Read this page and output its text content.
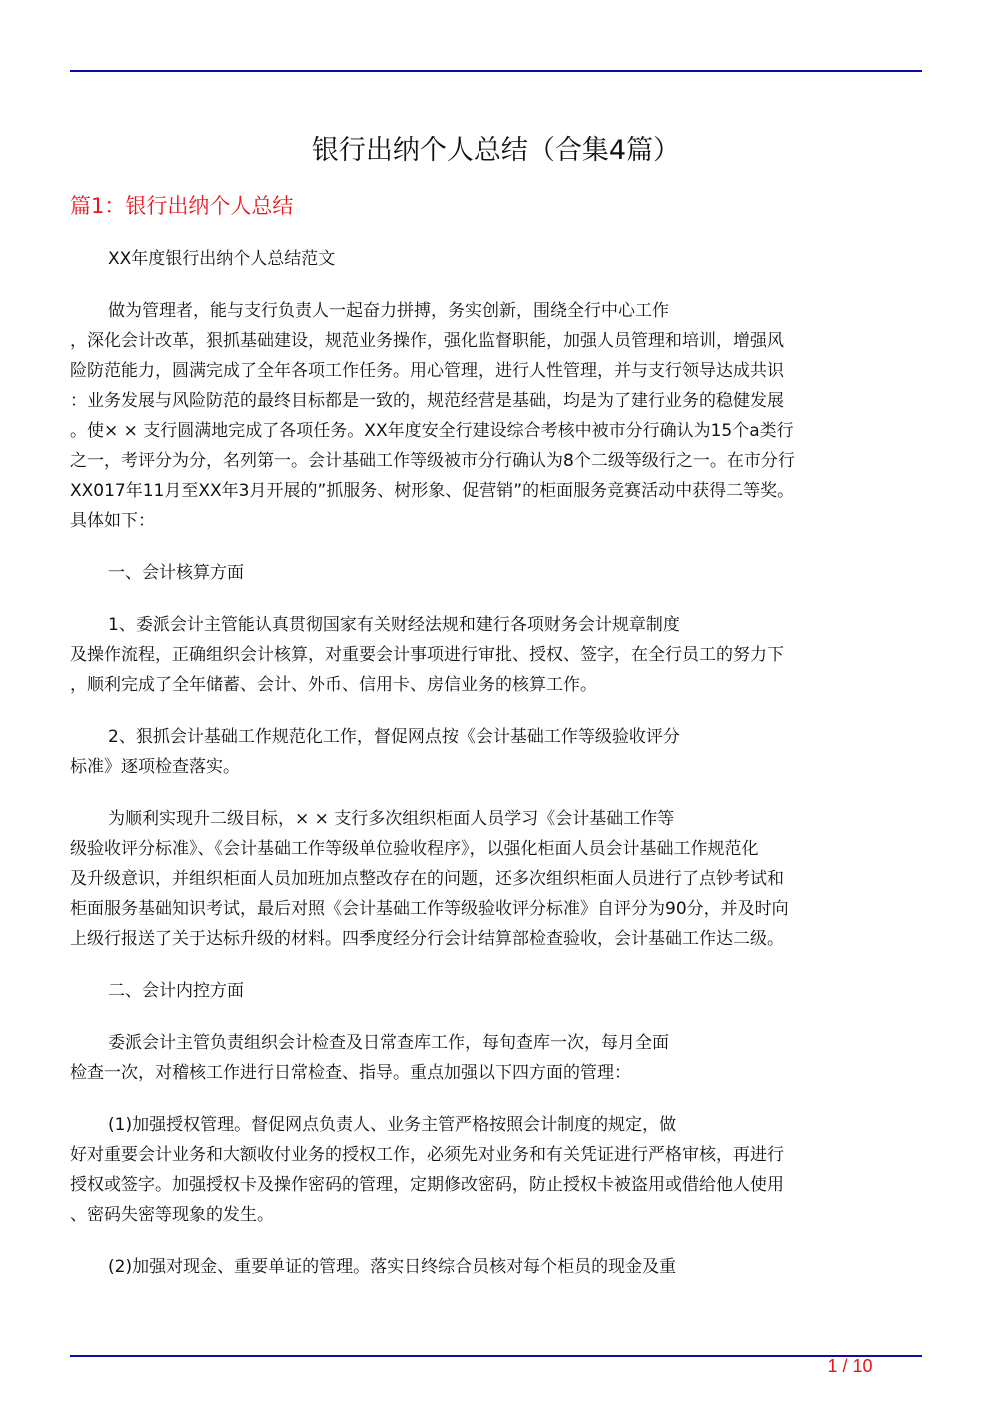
银行出纳个人总结（合集4篇）
篇1：银行出纳个人总结

XX年度银行出纳个人总结范文

做为管理者，能与支行负责人一起奋力拼搏，务实创新，围绕全行中心工作
，深化会计改革，狠抓基础建设，规范业务操作，强化监督职能，加强人员管理和培训，增强风
险防范能力，圆满完成了全年各项工作任务。用心管理，进行人性管理，并与支行领导达成共识
：业务发展与风险防范的最终目标都是一致的，规范经营是基础，均是为了建行业务的稳健发展
。使× × 支行圆满地完成了各项任务。XX年度安全行建设综合考核中被市分行确认为15个a类行
之一，考评分为分，名列第一。会计基础工作等级被市分行确认为8个二级等级行之一。在市分行
XX017年11月至XX年3月开展的”抓服务、树形象、促营销”的柜面服务竞赛活动中获得二等奖。
具体如下：

一、会计核算方面

1、委派会计主管能认真贯彻国家有关财经法规和建行各项财务会计规章制度
及操作流程，正确组织会计核算，对重要会计事项进行审批、授权、签字，在全行员工的努力下
，顺利完成了全年储蓄、会计、外币、信用卡、房信业务的核算工作。

2、狠抓会计基础工作规范化工作，督促网点按《会计基础工作等级验收评分
标准》逐项检查落实。

为顺利实现升二级目标，× × 支行多次组织柜面人员学习《会计基础工作等
级验收评分标准》、《会计基础工作等级单位验收程序》，以强化柜面人员会计基础工作规范化
及升级意识，并组织柜面人员加班加点整改存在的问题，还多次组织柜面人员进行了点钞考试和
柜面服务基础知识考试，最后对照《会计基础工作等级验收评分标准》自评分为90分，并及时向
上级行报送了关于达标升级的材料。四季度经分行会计结算部检查验收，会计基础工作达二级。

二、会计内控方面

委派会计主管负责组织会计检查及日常查库工作，每旬查库一次，每月全面
检查一次，对稽核工作进行日常检查、指导。重点加强以下四方面的管理：

(1)加强授权管理。督促网点负责人、业务主管严格按照会计制度的规定，做
好对重要会计业务和大额收付业务的授权工作，必须先对业务和有关凭证进行严格审核，再进行
授权或签字。加强授权卡及操作密码的管理，定期修改密码，防止授权卡被盗用或借给他人使用
、密码失密等现象的发生。

(2)加强对现金、重要单证的管理。落实日终综合员核对每个柜员的现金及重

1 / 10
